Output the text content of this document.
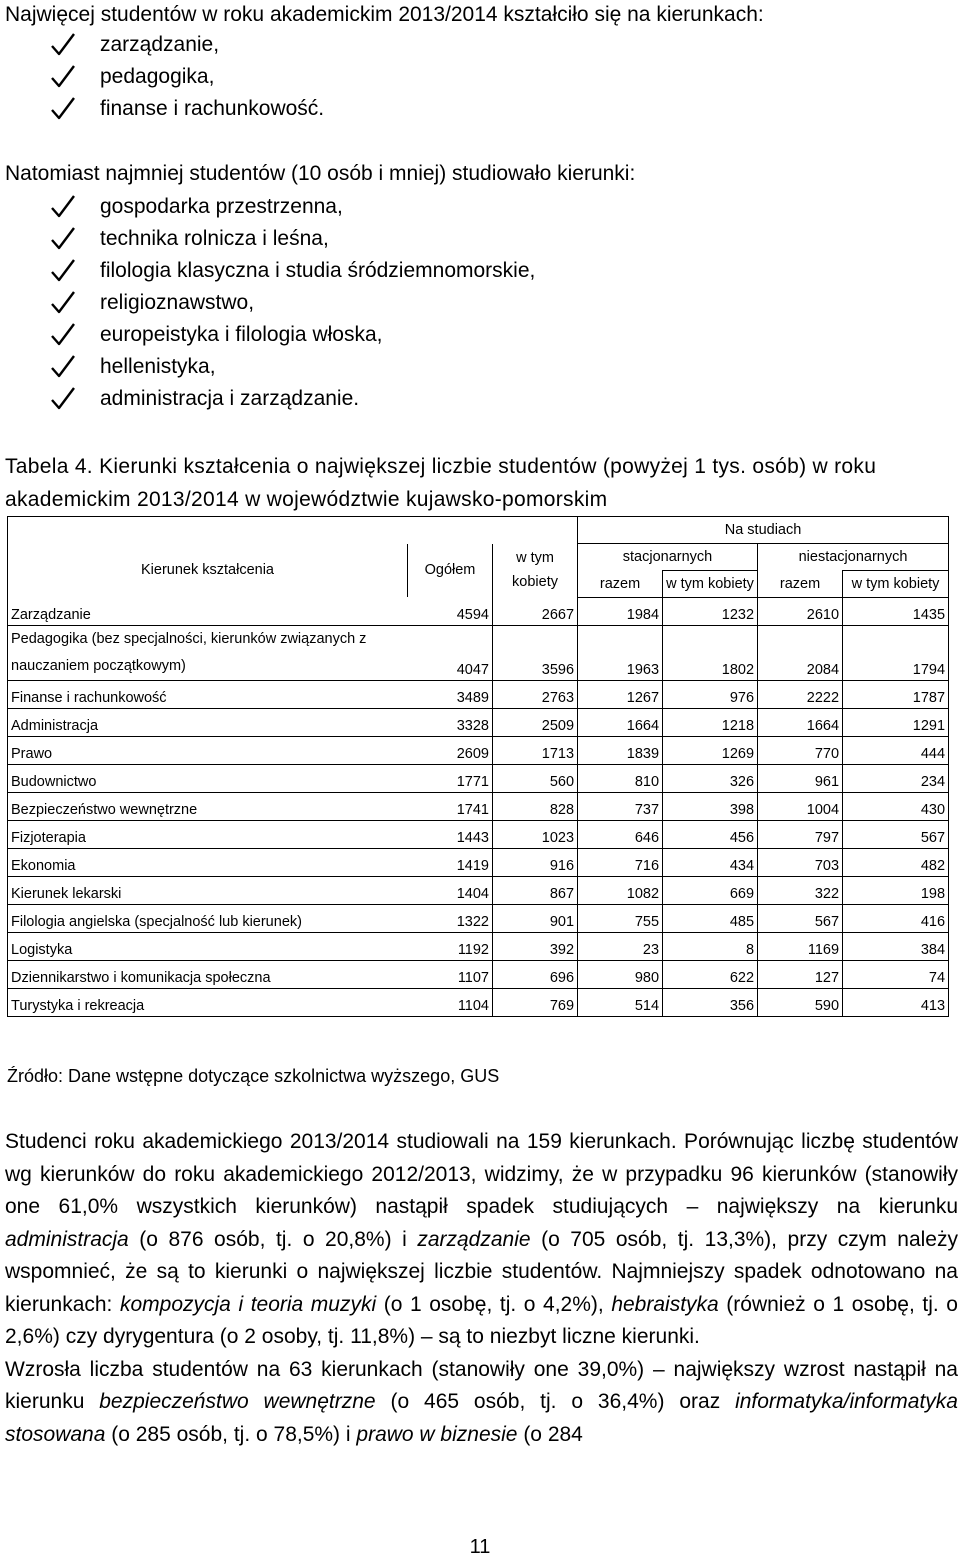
Najwięcej studentów w roku akademickim 2013/2014 kształciło się na kierunkach:
zarządzanie,
pedagogika,
finanse i rachunkowość.
Natomiast najmniej studentów (10 osób i mniej) studiowało kierunki:
gospodarka przestrzenna,
technika rolnicza i leśna,
filologia klasyczna i studia śródziemnomorskie,
religioznawstwo,
europeistyka i filologia włoska,
hellenistyka,
administracja i zarządzanie.
Tabela 4. Kierunki kształcenia o największej liczbie studentów (powyżej 1 tys. osób) w roku akademickim 2013/2014 w województwie kujawsko-pomorskim
			Na studiach			
Kierunek kształcenia	Ogółem	w tym kobiety	stacjonarnych		niestacjonarnych	
			razem	w tym kobiety	razem	w tym kobiety
Zarządzanie	4594	2667	1984	1232	2610	1435
Pedagogika (bez specjalności, kierunków związanych z nauczaniem początkowym)	4047	3596	1963	1802	2084	1794
Finanse i rachunkowość	3489	2763	1267	976	2222	1787
Administracja	3328	2509	1664	1218	1664	1291
Prawo	2609	1713	1839	1269	770	444
Budownictwo	1771	560	810	326	961	234
Bezpieczeństwo wewnętrzne	1741	828	737	398	1004	430
Fizjoterapia	1443	1023	646	456	797	567
Ekonomia	1419	916	716	434	703	482
Kierunek lekarski	1404	867	1082	669	322	198
Filologia angielska (specjalność lub kierunek)	1322	901	755	485	567	416
Logistyka	1192	392	23	8	1169	384
Dziennikarstwo i komunikacja społeczna	1107	696	980	622	127	74
Turystyka i rekreacja	1104	769	514	356	590	413
Źródło: Dane wstępne dotyczące szkolnictwa wyższego, GUS

Studenci roku akademickiego 2013/2014 studiowali na 159 kierunkach. Porównując liczbę studentów wg kierunków do roku akademickiego 2012/2013, widzimy, że w przypadku 96 kierunków (stanowiły one 61,0% wszystkich kierunków) nastąpił spadek studiujących – największy na kierunku administracja (o 876 osób, tj. o 20,8%) i zarządzanie (o 705 osób, tj. 13,3%), przy czym należy wspomnieć, że są to kierunki o największej liczbie studentów. Najmniejszy spadek odnotowano na kierunkach: kompozycja i teoria muzyki (o 1 osobę, tj. o 4,2%), hebraistyka (również o 1 osobę, tj. o 2,6%) czy dyrygentura (o 2 osoby, tj. 11,8%) – są to niezbyt liczne kierunki.

Wzrosła liczba studentów na 63 kierunkach (stanowiły one 39,0%) – największy wzrost nastąpił na kierunku bezpieczeństwo wewnętrzne (o 465 osób, tj. o 36,4%) oraz informatyka/informatyka stosowana (o 285 osób, tj. o 78,5%) i prawo w biznesie (o 284

11
